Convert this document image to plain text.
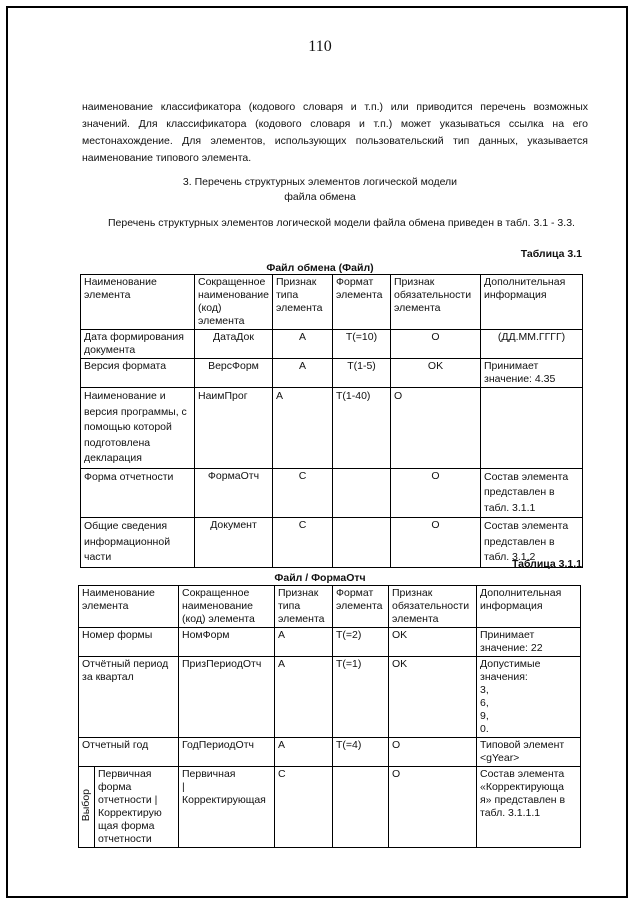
110
наименование классификатора (кодового словаря и т.п.) или приводится перечень возможных значений. Для классификатора (кодового словаря и т.п.) может указываться ссылка на его местонахождение. Для элементов, использующих пользовательский тип данных, указывается наименование типового элемента.
3. Перечень структурных элементов логической модели
файла обмена
Перечень структурных элементов логической модели файла обмена приведен в табл. 3.1 - 3.3.
Таблица 3.1
Файл обмена (Файл)
Наименование элемента	Сокращенное наименование (код) элемента	Признак типа элемента	Формат элемента	Признак обязательности элемента	Дополнительная информация
Дата формирования документа	ДатаДок	А	T(=10)	O	(ДД.ММ.ГГГГ)
Версия формата	ВерсФорм	А	T(1-5)	OK	Принимает значение: 4.35
Наименование и версия программы, с помощью которой подготовлена декларация	НаимПрог	А	T(1-40)	O	
Форма отчетности	ФормаОтч	С		O	Состав элемента представлен в табл. 3.1.1
Общие сведения информационной части	Документ	С		O	Состав элемента представлен в табл. 3.1.2
Таблица 3.1.1
Файл / ФормаОтч
Наименование элемента		Сокращенное наименование (код) элемента	Признак типа элемента	Формат элемента	Признак обязательности элемента	Дополнительная информация
Номер формы		НомФорм	А	T(=2)	OK	Принимает значение: 22
Отчётный период за квартал		ПризПериодОтч	А	T(=1)	OK	Допустимые значения:
3,
6,
9,
0.
Отчетный год		ГодПериодОтч	А	T(=4)	O	Типовой элемент <gYear>
Выбор	Первичная форма отчетности | Корректирую щая форма отчетности	Первичная
|
Корректирующая	С		O	Состав элемента «Корректирующа я» представлен в табл. 3.1.1.1
